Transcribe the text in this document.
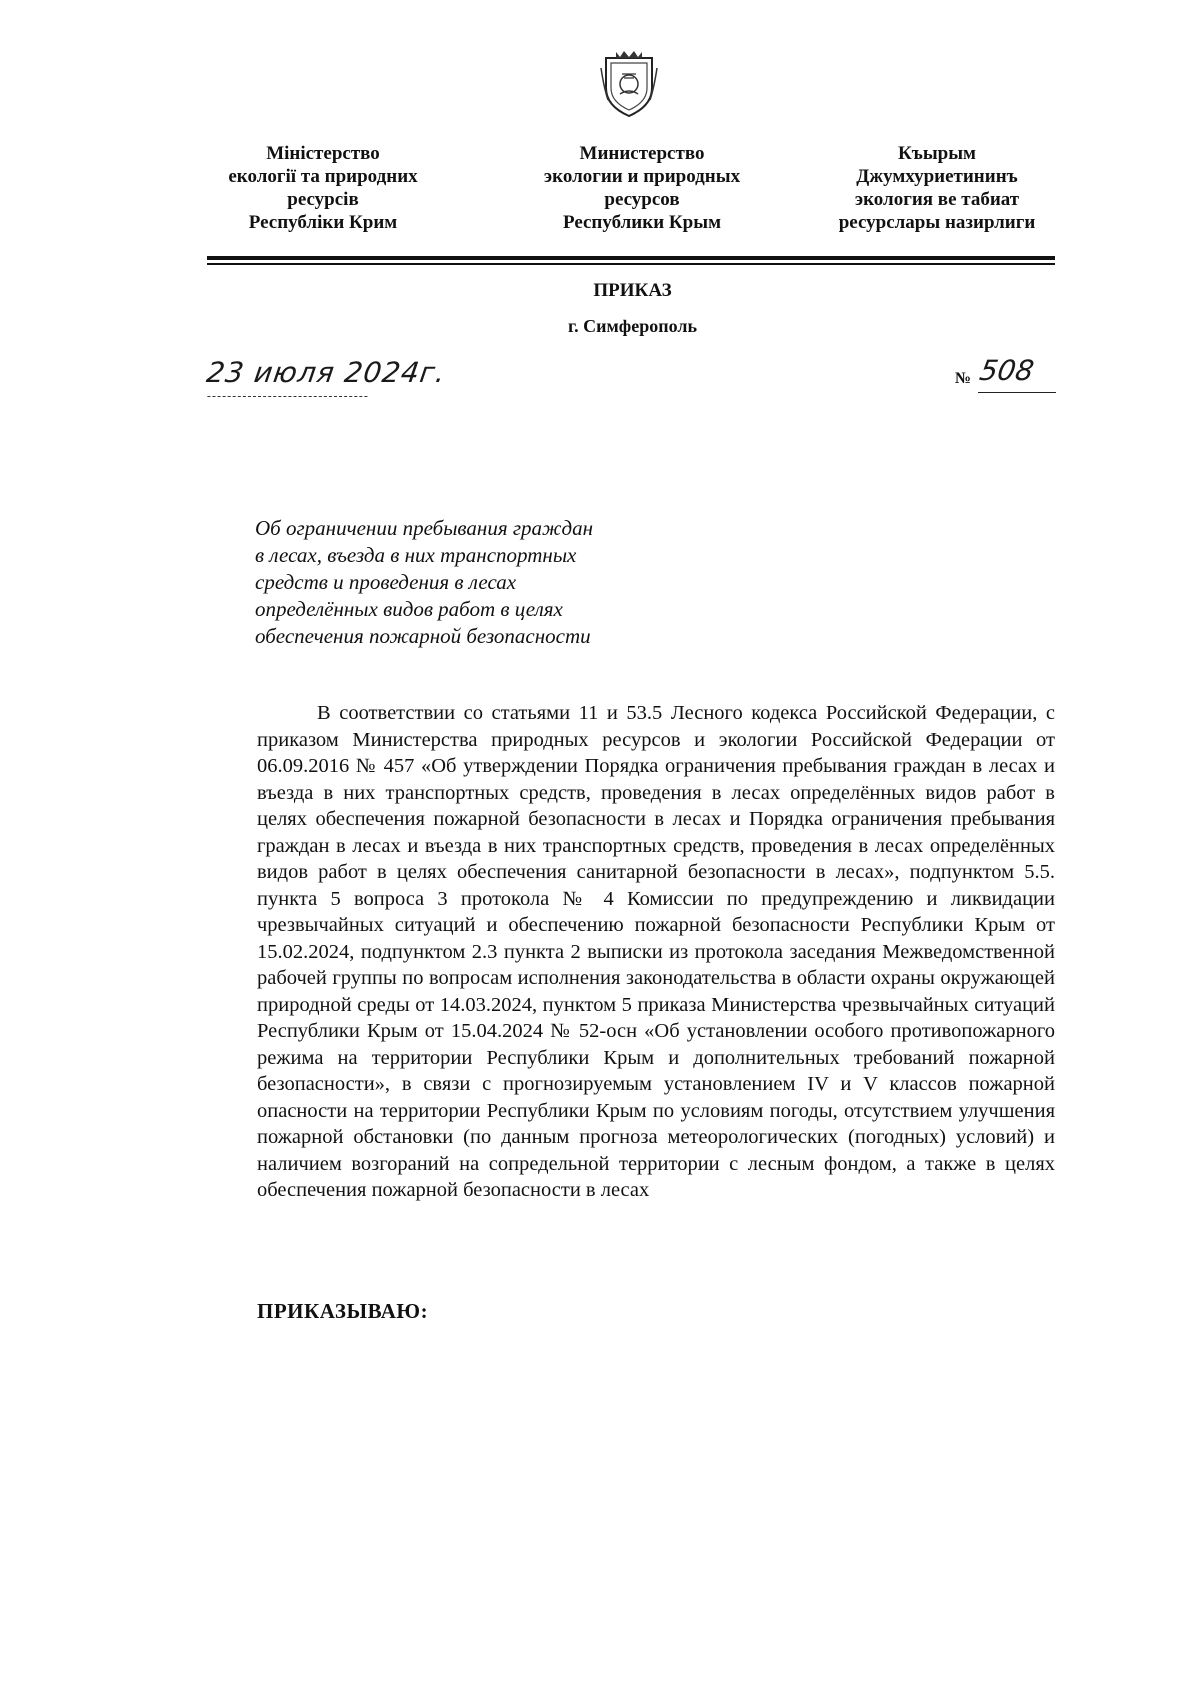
Міністерство
екології та природних
ресурсів
Республіки Крим
Министерство
экологии и природных
ресурсов
Республики Крым
Къырым
Джумхуриетининъ
экология ве табиат
ресурслары назирлиги
ПРИКАЗ
г. Симферополь
23 июля 2024г.	№ 508
Об ограничении пребывания граждан
в лесах, въезда в них транспортных
средств и проведения в лесах
определённых видов работ в целях
обеспечения пожарной безопасности
В соответствии со статьями 11 и 53.5 Лесного кодекса Российской Федерации, с приказом Министерства природных ресурсов и экологии Российской Федерации от 06.09.2016 № 457 «Об утверждении Порядка ограничения пребывания граждан в лесах и въезда в них транспортных средств, проведения в лесах определённых видов работ в целях обеспечения пожарной безопасности в лесах и Порядка ограничения пребывания граждан в лесах и въезда в них транспортных средств, проведения в лесах определённых видов работ в целях обеспечения санитарной безопасности в лесах», подпунктом 5.5. пункта 5 вопроса 3 протокола № 4 Комиссии по предупреждению и ликвидации чрезвычайных ситуаций и обеспечению пожарной безопасности Республики Крым от 15.02.2024, подпунктом 2.3 пункта 2 выписки из протокола заседания Межведомственной рабочей группы по вопросам исполнения законодательства в области охраны окружающей природной среды от 14.03.2024, пунктом 5 приказа Министерства чрезвычайных ситуаций Республики Крым от 15.04.2024 № 52-осн «Об установлении особого противопожарного режима на территории Республики Крым и дополнительных требований пожарной безопасности», в связи с прогнозируемым установлением IV и V классов пожарной опасности на территории Республики Крым по условиям погоды, отсутствием улучшения пожарной обстановки (по данным прогноза метеорологических (погодных) условий) и наличием возгораний на сопредельной территории с лесным фондом, а также в целях обеспечения пожарной безопасности в лесах
ПРИКАЗЫВАЮ:
